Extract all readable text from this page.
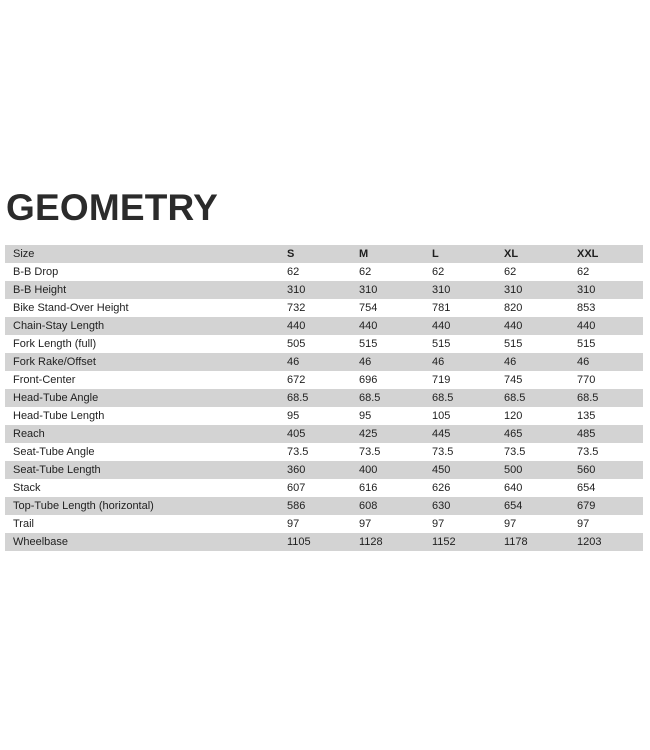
GEOMETRY
Size	S	M	L	XL	XXL
B-B Drop	62	62	62	62	62
B-B Height	310	310	310	310	310
Bike Stand-Over Height	732	754	781	820	853
Chain-Stay Length	440	440	440	440	440
Fork Length (full)	505	515	515	515	515
Fork Rake/Offset	46	46	46	46	46
Front-Center	672	696	719	745	770
Head-Tube Angle	68.5	68.5	68.5	68.5	68.5
Head-Tube Length	95	95	105	120	135
Reach	405	425	445	465	485
Seat-Tube Angle	73.5	73.5	73.5	73.5	73.5
Seat-Tube Length	360	400	450	500	560
Stack	607	616	626	640	654
Top-Tube Length (horizontal)	586	608	630	654	679
Trail	97	97	97	97	97
Wheelbase	1105	1128	1152	1178	1203
